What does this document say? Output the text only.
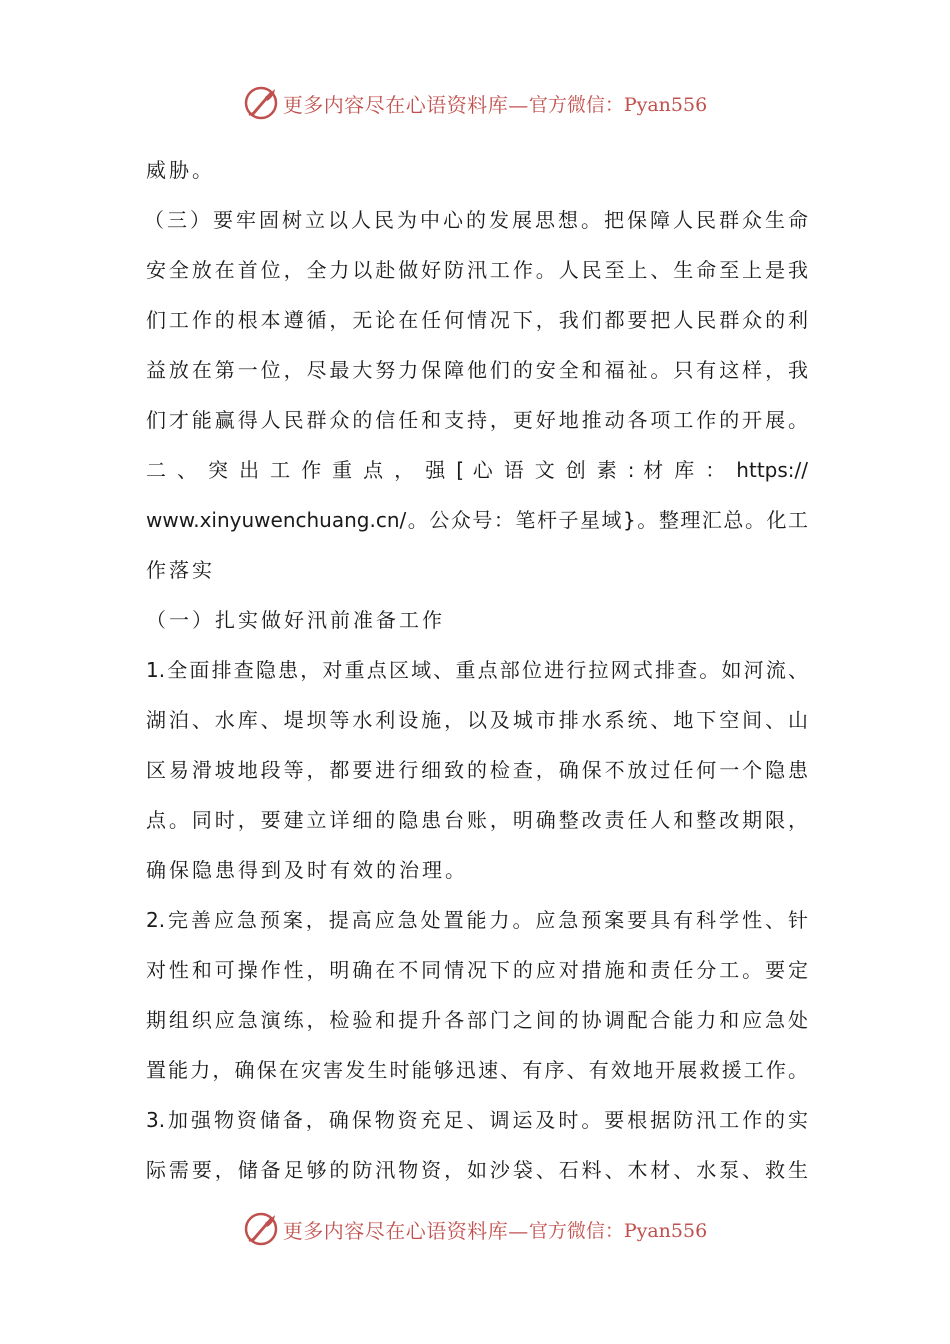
更多内容尽在心语资料库— 官方微信：Pyan556
威胁。
（三）要牢固树立以人民为中心的发展思想。把保障人民群众生命
安全放在首位，全力以赴做好防汛工作。人民至上、生命至上是我
们工作的根本遵循，无论在任何情况下，我们都要把人民群众的利
益放在第一位，尽最大努力保障他们的安全和福祉。只有这样，我
们才能赢得人民群众的信任和支持，更好地推动各项工作的开展。
二 、 突 出 工 作 重 点 ， 强 [ 心 语 文 创 素 : 材 库 ： https://
www.xinyuwenchuang.cn/。公众号：笔杆子星域}。整理汇总。化工
作落实
（一）扎实做好汛前准备工作
1.全面排查隐患，对重点区域、重点部位进行拉网式排查。如河流、
湖泊、水库、堤坝等水利设施，以及城市排水系统、地下空间、山
区易滑坡地段等，都要进行细致的检查，确保不放过任何一个隐患
点。同时，要建立详细的隐患台账，明确整改责任人和整改期限，
确保隐患得到及时有效的治理。
2.完善应急预案，提高应急处置能力。应急预案要具有科学性、针
对性和可操作性，明确在不同情况下的应对措施和责任分工。要定
期组织应急演练，检验和提升各部门之间的协调配合能力和应急处
置能力，确保在灾害发生时能够迅速、有序、有效地开展救援工作。
3.加强物资储备，确保物资充足、调运及时。要根据防汛工作的实
际需要，储备足够的防汛物资，如沙袋、石料、木材、水泵、救生
更多内容尽在心语资料库— 官方微信：Pyan556
